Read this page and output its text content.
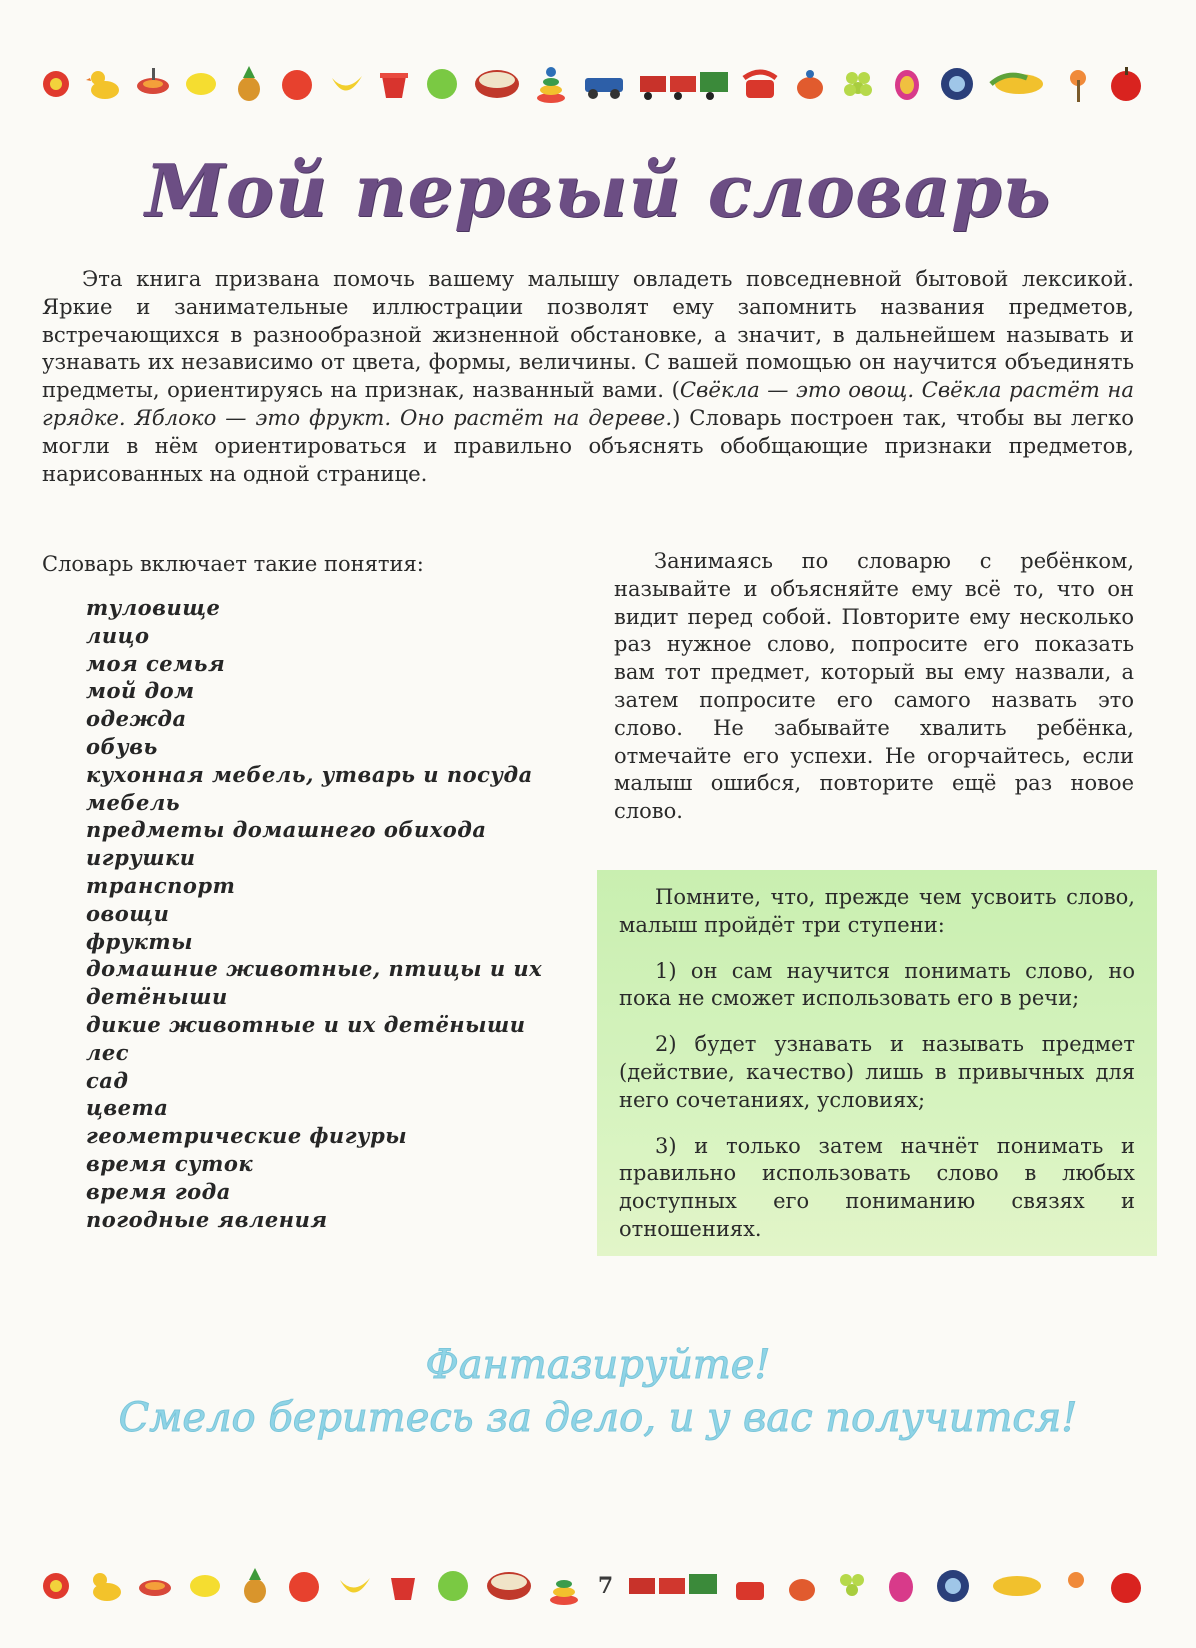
Мой первый словарь

Эта книга призвана помочь вашему малышу овладеть повседневной бытовой лексикой. Яркие и занимательные иллюстрации позволят ему запомнить названия предметов, встречающихся в разнообразной жизненной обстановке, а значит, в дальнейшем называть и узнавать их независимо от цвета, формы, величины. С вашей помощью он научится объединять предметы, ориентируясь на признак, названный вами. (Свёкла — это овощ. Свёкла растёт на грядке. Яблоко — это фрукт. Оно растёт на дереве.) Словарь построен так, чтобы вы легко могли в нём ориентироваться и правильно объяснять обобщающие признаки предметов, нарисованных на одной странице.

Словарь включает такие понятия:

туловище
лицо
моя семья
мой дом
одежда
обувь
кухонная мебель, утварь и посуда
мебель
предметы домашнего обихода
игрушки
транспорт
овощи
фрукты
домашние животные, птицы и их детёныши
дикие животные и их детёныши
лес
сад
цвета
геометрические фигуры
время суток
время года
погодные явления

Занимаясь по словарю с ребёнком, называйте и объясняйте ему всё то, что он видит перед собой. Повторите ему несколько раз нужное слово, попросите его показать вам тот предмет, который вы ему назвали, а затем попросите его самого назвать это слово. Не забывайте хвалить ребёнка, отмечайте его успехи. Не огорчайтесь, если малыш ошибся, повторите ещё раз новое слово.

Помните, что, прежде чем усвоить слово, малыш пройдёт три ступени:

1) он сам научится понимать слово, но пока не сможет использовать его в речи;

2) будет узнавать и называть предмет (действие, качество) лишь в привычных для него сочетаниях, условиях;

3) и только затем начнёт понимать и правильно использовать слово в любых доступных его пониманию связях и отношениях.

Фантазируйте!

Смело беритесь за дело, и у вас получится!

7
